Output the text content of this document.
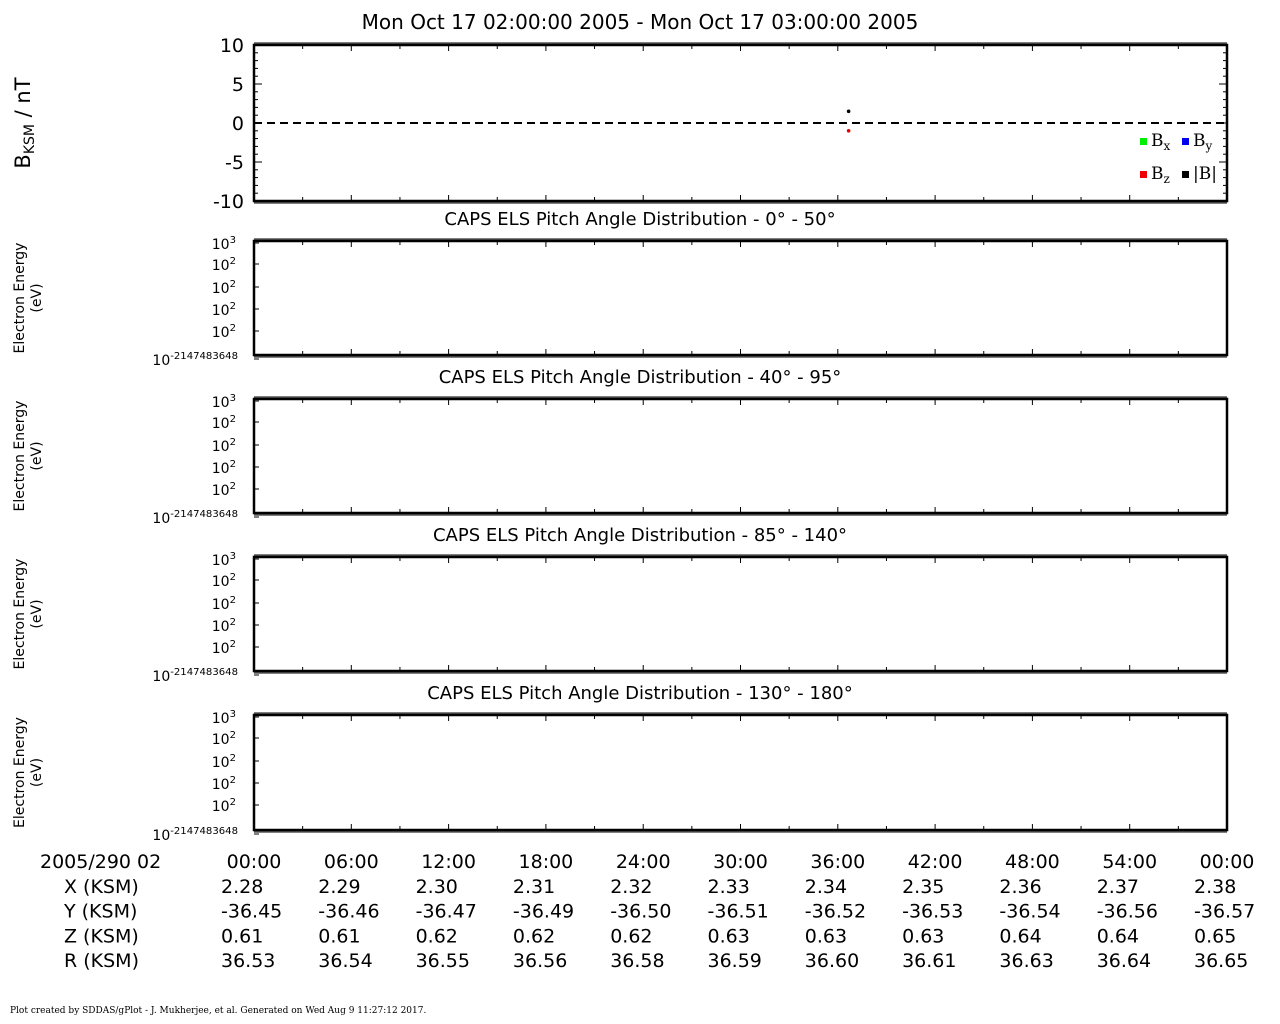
Mon Oct 17 02:00:00 2005 - Mon Oct 17 03:00:00 2005
10
5
0
-5
-10
BKSM / nT
$B_x$ $B_y$
$B_z$ |B|
CAPS ELS Pitch Angle Distribution - 0° - 50°
$10^3$
$10^2$
$10^2$
$10^2$
$10^2$
$10^{-2147483648}$
Electron Energy(eV)
CAPS ELS Pitch Angle Distribution - 40° - 95°
$10^3$
$10^2$
$10^2$
$10^2$
$10^2$
$10^{-2147483648}$
Electron Energy(eV)
CAPS ELS Pitch Angle Distribution - 85° - 140°
$10^3$
$10^2$
$10^2$
$10^2$
$10^2$
$10^{-2147483648}$
Electron Energy(eV)
CAPS ELS Pitch Angle Distribution - 130° - 180°
$10^3$
$10^2$
$10^2$
$10^2$
$10^2$
$10^{-2147483648}$
Electron Energy(eV)
2005/290 02	00:00 06:00 12:00 18:00 24:00 30:00 36:00 42:00 48:00 54:00 00:00
X (KSM)	2.28	2.29	2.30	2.31	2.32	2.33	2.34	2.35	2.36	2.37	2.38
Y (KSM)	-36.45 -36.46 -36.47 -36.49 -36.50 -36.51 -36.52 -36.53 -36.54 -36.56 -36.57
Z (KSM)	0.61	0.61	0.62	0.62	0.62	0.63	0.63	0.63	0.64	0.64	0.65
R (KSM)	36.53 36.54 36.55 36.56 36.58 36.59 36.60 36.61 36.63 36.64 36.65
Plot created by SDDAS/gPlot - J. Mukherjee, et al. Generated on Wed Aug 9 11:27:12 2017.
